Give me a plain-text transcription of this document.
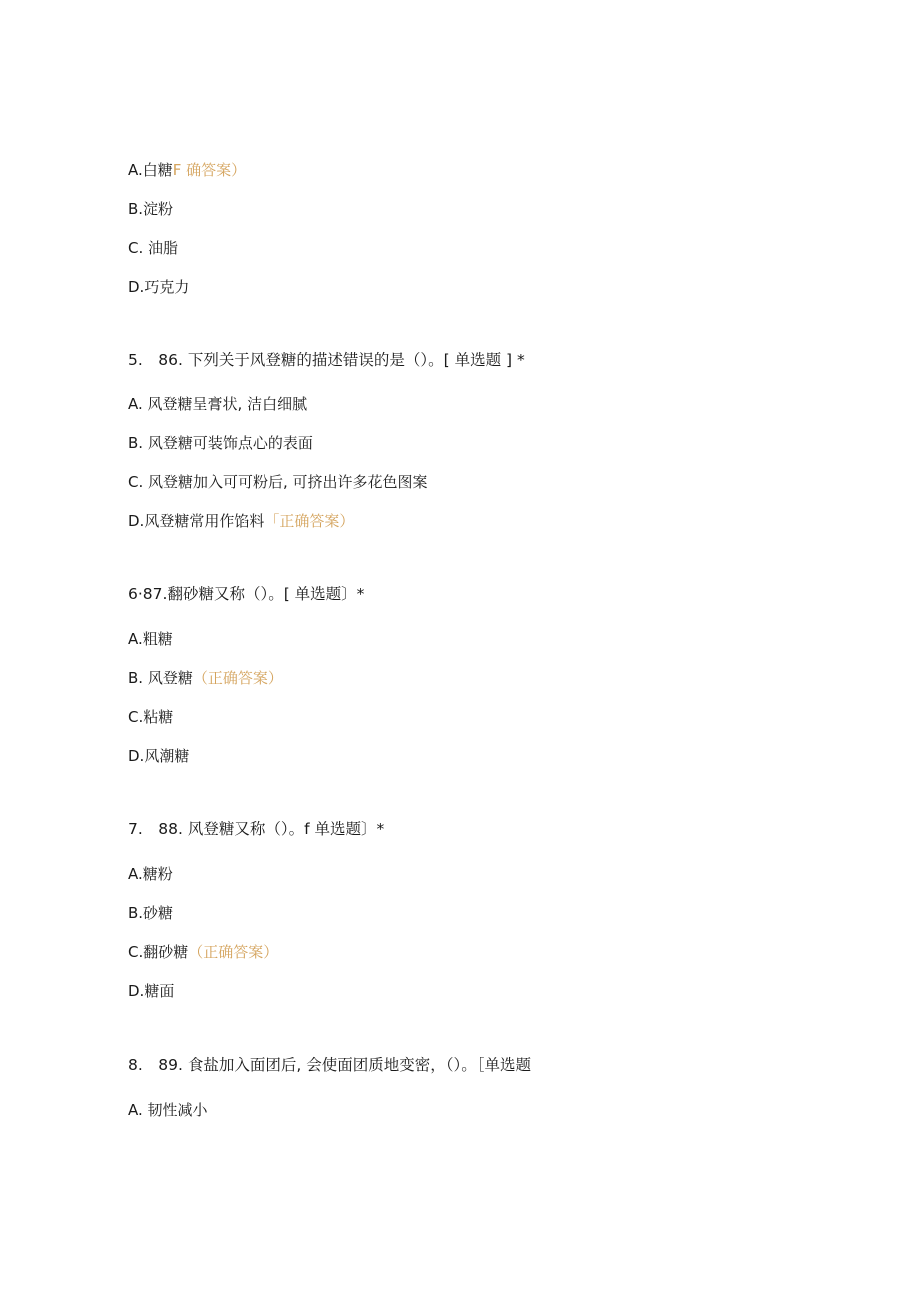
A.白糖F 确答案）
B.淀粉
C. 油脂
D.巧克力
5.　86. 下列关于风登糖的描述错误的是（）。[ 单选题 ] *
A. 风登糖呈膏状, 洁白细腻
B. 风登糖可装饰点心的表面
C. 风登糖加入可可粉后, 可挤出许多花色图案
D.风登糖常用作馅料「正确答案）
6·87.翻砂糖又称（）。[ 单选题〕*
A.粗糖
B. 风登糖（正确答案）
C.粘糖
D.风潮糖
7.　88. 风登糖又称（）。f 单选题〕*
A.糖粉
B.砂糖
C.翻砂糖（正确答案）
D.糖面
8.　89. 食盐加入面团后, 会使面团质地变密，（）。［单选题
A. 韧性减小
